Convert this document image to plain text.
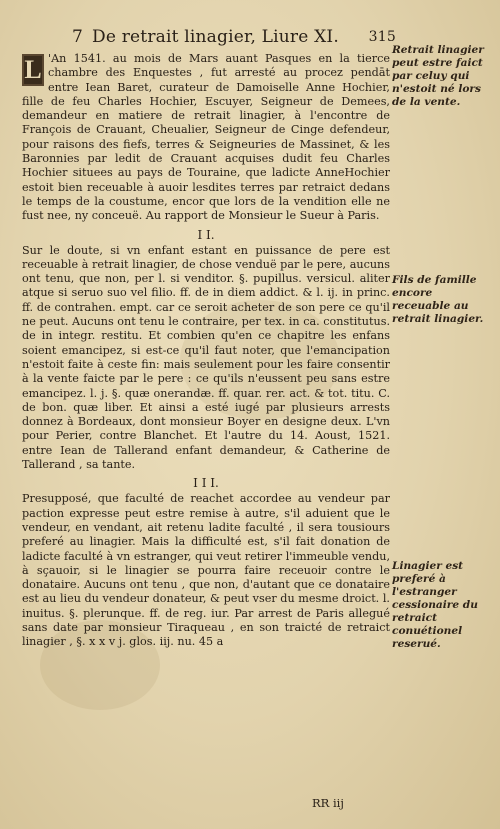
7 De retrait linagier, Liure XI. 315

L 'An 1541. au mois de Mars auant Pasques en la tierce chambre des Enquestes , fut arresté au procez pendāt entre Iean Baret, curateur de Damoiselle Anne Hochier, fille de feu Charles Hochier, Escuyer, Seigneur de Demees, demandeur en matiere de retrait linagier, à l'encontre de François de Crauant, Cheualier, Seigneur de Cinge defendeur, pour raisons des fiefs, terres & Seigneuries de Massinet, & les Baronnies par ledit de Crauant acquises dudit feu Charles Hochier situees au pays de Touraine, que ladicte AnneHochier estoit bien receuable à auoir lesdites terres par retraict dedans le temps de la coustume, encor que lors de la vendition elle ne fust nee, ny conceuë. Au rapport de Monsieur le Sueur à Paris.

I I.

Sur le doute, si vn enfant estant en puissance de pere est receuable à retrait linagier, de chose venduë par le pere, aucuns ont tenu, que non, per l. si venditor. §. pupillus. versicul. aliter atque si seruo suo vel filio. ff. de in diem addict. & l. ij. in princ. ff. de contrahen. empt. car ce seroit acheter de son pere ce qu'il ne peut. Aucuns ont tenu le contraire, per tex. in ca. constitutus. de in integr. restitu. Et combien qu'en ce chapitre les enfans soient emancipez, si est-ce qu'il faut noter, que l'emancipation n'estoit faite à ceste fin: mais seulement pour les faire consentir à la vente faicte par le pere : ce qu'ils n'eussent peu sans estre emancipez. l. j. §. quæ onerandæ. ff. quar. rer. act. & tot. titu. C. de bon. quæ liber. Et ainsi a esté iugé par plusieurs arrests donnez à Bordeaux, dont monsieur Boyer en designe deux. L'vn pour Perier, contre Blanchet. Et l'autre du 14. Aoust, 1521. entre Iean de Tallerand enfant demandeur, & Catherine de Tallerand , sa tante.

I I I.

Presupposé, que faculté de reachet accordee au vendeur par paction expresse peut estre remise à autre, s'il aduient que le vendeur, en vendant, ait retenu ladite faculté , il sera tousiours preferé au linagier. Mais la difficulté est, s'il fait donation de ladicte faculté à vn estranger, qui veut retirer l'immeuble vendu, à sçauoir, si le linagier se pourra faire receuoir contre le donataire. Aucuns ont tenu , que non, d'autant que ce donataire est au lieu du vendeur donateur, & peut vser du mesme droict. l. inuitus. §. plerunque. ff. de reg. iur. Par arrest de Paris allegué sans date par monsieur Tiraqueau , en son traicté de retraict linagier , §. x x v j. glos. iij. nu. 45 a

Retrait linagier peut estre faict par celuy qui n'estoit né lors de la vente.
Fils de famille encore receuable au retrait linagier.
Linagier est preferé à l'estranger cessionaire du retraict conuétionel reserué.
RR iij
